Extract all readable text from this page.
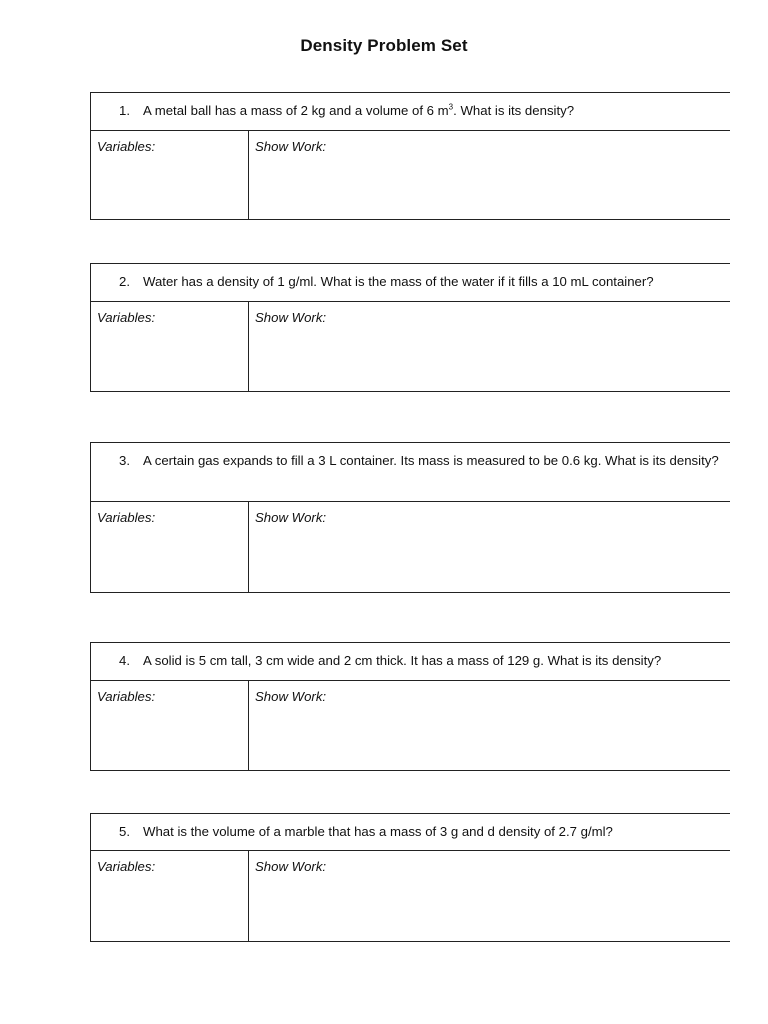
Density Problem Set
1. A metal ball has a mass of 2 kg and a volume of 6 $m^3$. What is its density?
Variables:	Show Work:
2. Water has a density of 1 g/ml. What is the mass of the water if it fills a 10 mL container?
Variables:	Show Work:
3. A certain gas expands to fill a 3 L container. Its mass is measured to be 0.6 kg. What is its density?
Variables:	Show Work:
4. A solid is 5 cm tall, 3 cm wide and 2 cm thick. It has a mass of 129 g. What is its density?
Variables:	Show Work:
5. What is the volume of a marble that has a mass of 3 g and d density of 2.7 g/ml?
Variables:	Show Work:
